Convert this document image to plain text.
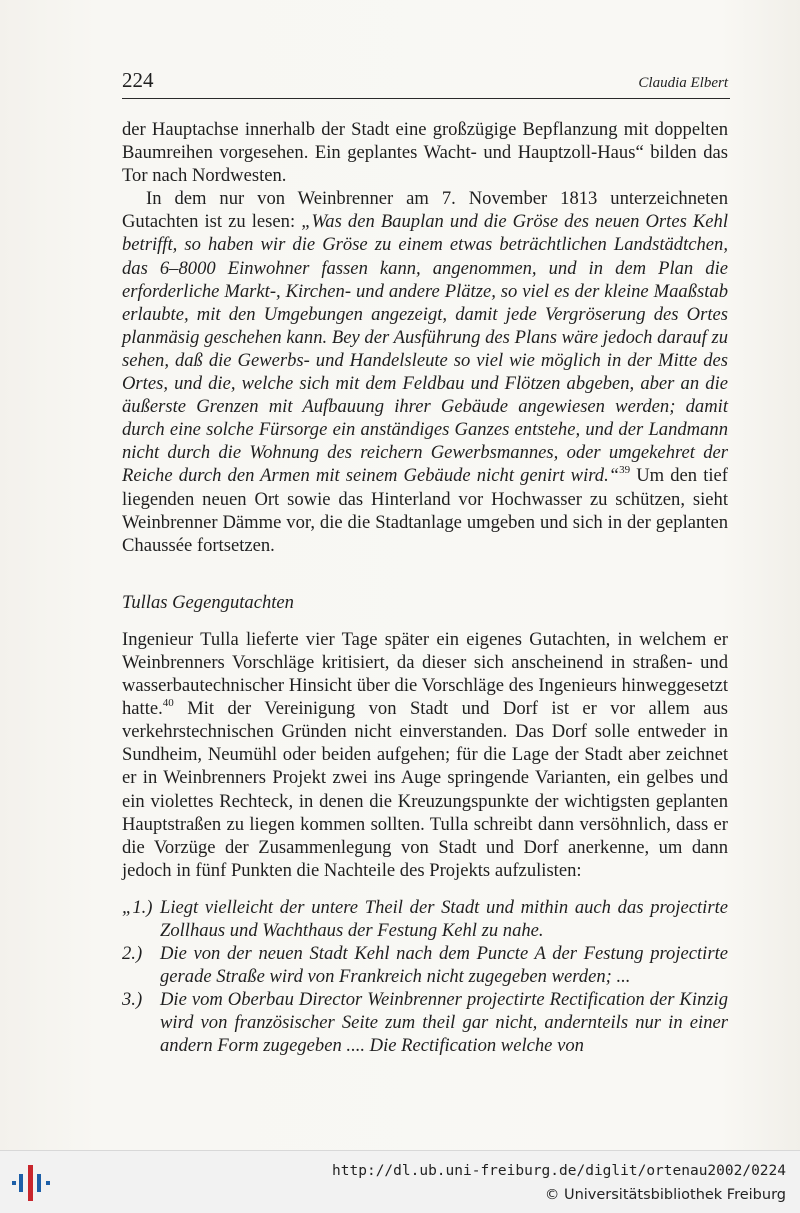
224	Claudia Elbert

der Hauptachse innerhalb der Stadt eine großzügige Bepflanzung mit doppelten Baumreihen vorgesehen. Ein geplantes Wacht- und Hauptzoll-Haus“ bilden das Tor nach Nordwesten.

In dem nur von Weinbrenner am 7. November 1813 unterzeichneten Gutachten ist zu lesen: „Was den Bauplan und die Gröse des neuen Ortes Kehl betrifft, so haben wir die Gröse zu einem etwas beträchtlichen Landstädtchen, das 6–8000 Einwohner fassen kann, angenommen, und in dem Plan die erforderliche Markt-, Kirchen- und andere Plätze, so viel es der kleine Maaßstab erlaubte, mit den Umgebungen angezeigt, damit jede Vergröserung des Ortes planmäsig geschehen kann. Bey der Ausführung des Plans wäre jedoch darauf zu sehen, daß die Gewerbs- und Handelsleute so viel wie möglich in der Mitte des Ortes, und die, welche sich mit dem Feldbau und Flötzen abgeben, aber an die äußerste Grenzen mit Aufbauung ihrer Gebäude angewiesen werden; damit durch eine solche Fürsorge ein anständiges Ganzes entstehe, und der Landmann nicht durch die Wohnung des reichern Gewerbsmannes, oder umgekehret der Reiche durch den Armen mit seinem Gebäude nicht genirt wird.“$^{39}$ Um den tief liegenden neuen Ort sowie das Hinterland vor Hochwasser zu schützen, sieht Weinbrenner Dämme vor, die die Stadtanlage umgeben und sich in der geplanten Chaussée fortsetzen.

Tullas Gegengutachten

Ingenieur Tulla lieferte vier Tage später ein eigenes Gutachten, in welchem er Weinbrenners Vorschläge kritisiert, da dieser sich anscheinend in straßen- und wasserbautechnischer Hinsicht über die Vorschläge des Ingenieurs hinweggesetzt hatte.$^{40}$ Mit der Vereinigung von Stadt und Dorf ist er vor allem aus verkehrstechnischen Gründen nicht einverstanden. Das Dorf solle entweder in Sundheim, Neumühl oder beiden aufgehen; für die Lage der Stadt aber zeichnet er in Weinbrenners Projekt zwei ins Auge springende Varianten, ein gelbes und ein violettes Rechteck, in denen die Kreuzungspunkte der wichtigsten geplanten Hauptstraßen zu liegen kommen sollten. Tulla schreibt dann versöhnlich, dass er die Vorzüge der Zusammenlegung von Stadt und Dorf anerkenne, um dann jedoch in fünf Punkten die Nachteile des Projekts aufzulisten:

„1.) Liegt vielleicht der untere Theil der Stadt und mithin auch das projectirte Zollhaus und Wachthaus der Festung Kehl zu nahe.
2.) Die von der neuen Stadt Kehl nach dem Puncte A der Festung projectirte gerade Straße wird von Frankreich nicht zugegeben werden; ...
3.) Die vom Oberbau Director Weinbrenner projectirte Rectification der Kinzig wird von französischer Seite zum theil gar nicht, andernteils nur in einer andern Form zugegeben .... Die Rectification welche von
http://dl.ub.uni-freiburg.de/diglit/ortenau2002/0224
© Universitätsbibliothek Freiburg
